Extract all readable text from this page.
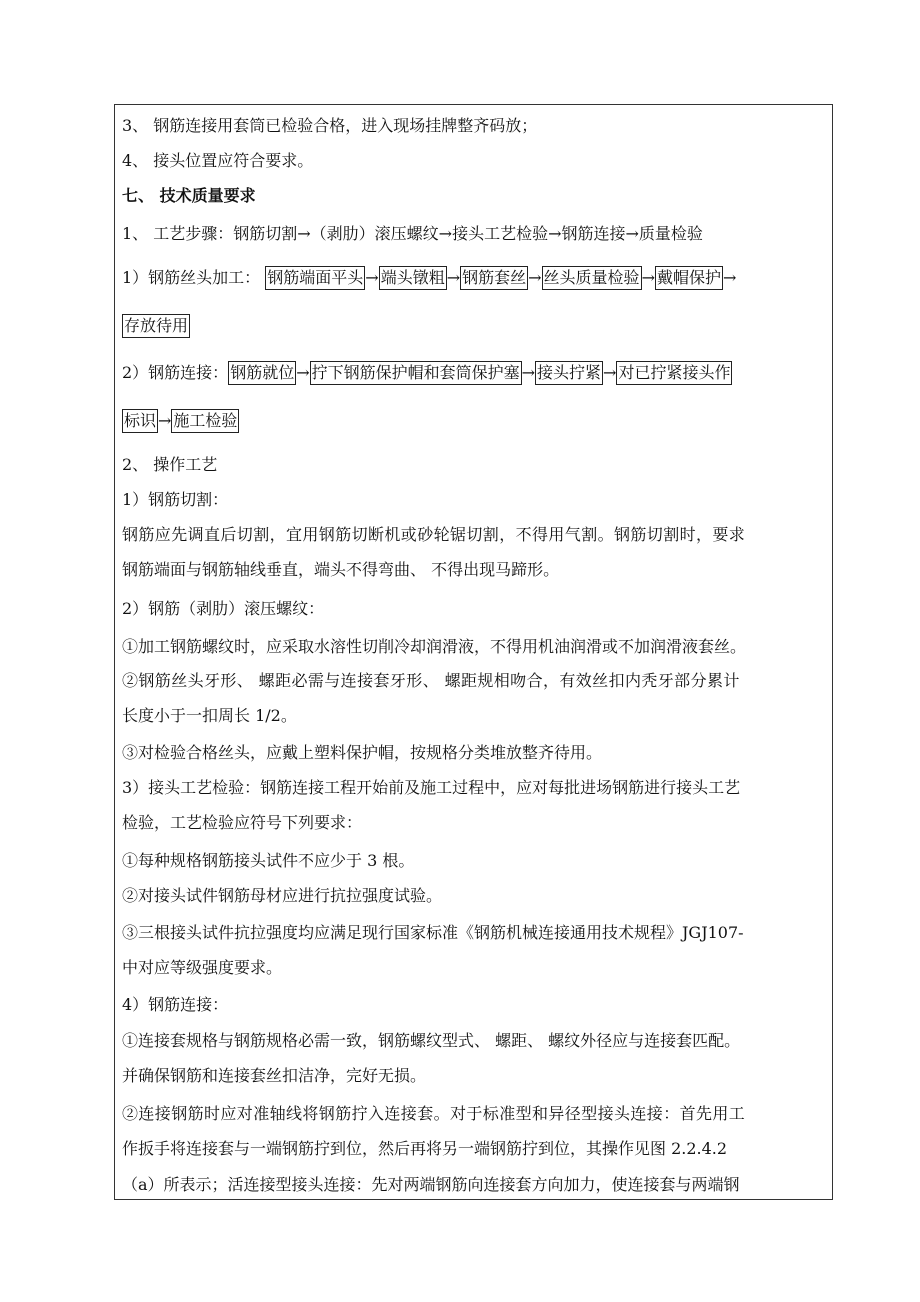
3、 钢筋连接用套筒已检验合格，进入现场挂牌整齐码放；
4、 接头位置应符合要求。
七、 技术质量要求
1、 工艺步骤：钢筋切割→（剥肋）滚压螺纹→接头工艺检验→钢筋连接→质量检验
1）钢筋丝头加工： 钢筋端面平头 → 端头镦粗 → 钢筋套丝 → 丝头质量检验 → 戴帽保护 →
存放待用
2）钢筋连接： 钢筋就位 → 拧下钢筋保护帽和套筒保护塞 → 接头拧紧 → 对已拧紧接头作
标识 → 施工检验
2、 操作工艺
1）钢筋切割：
钢筋应先调直后切割，宜用钢筋切断机或砂轮锯切割，不得用气割。钢筋切割时，要求
钢筋端面与钢筋轴线垂直，端头不得弯曲、 不得出现马蹄形。
2）钢筋（剥肋）滚压螺纹：
①加工钢筋螺纹时，应采取水溶性切削冷却润滑液，不得用机油润滑或不加润滑液套丝。
②钢筋丝头牙形、 螺距必需与连接套牙形、 螺距规相吻合，有效丝扣内秃牙部分累计
长度小于一扣周长 1/2。
③对检验合格丝头，应戴上塑料保护帽，按规格分类堆放整齐待用。
3）接头工艺检验：钢筋连接工程开始前及施工过程中，应对每批进场钢筋进行接头工艺
检验，工艺检验应符号下列要求：
①每种规格钢筋接头试件不应少于 3 根。
②对接头试件钢筋母材应进行抗拉强度试验。
③三根接头试件抗拉强度均应满足现行国家标准《钢筋机械连接通用技术规程》JGJ107-
中对应等级强度要求。
4）钢筋连接：
①连接套规格与钢筋规格必需一致，钢筋螺纹型式、 螺距、 螺纹外径应与连接套匹配。
并确保钢筋和连接套丝扣洁净，完好无损。
②连接钢筋时应对准轴线将钢筋拧入连接套。对于标准型和异径型接头连接：首先用工
作扳手将连接套与一端钢筋拧到位，然后再将另一端钢筋拧到位，其操作见图 2.2.4.2
（a）所表示；活连接型接头连接：先对两端钢筋向连接套方向加力，使连接套与两端钢
